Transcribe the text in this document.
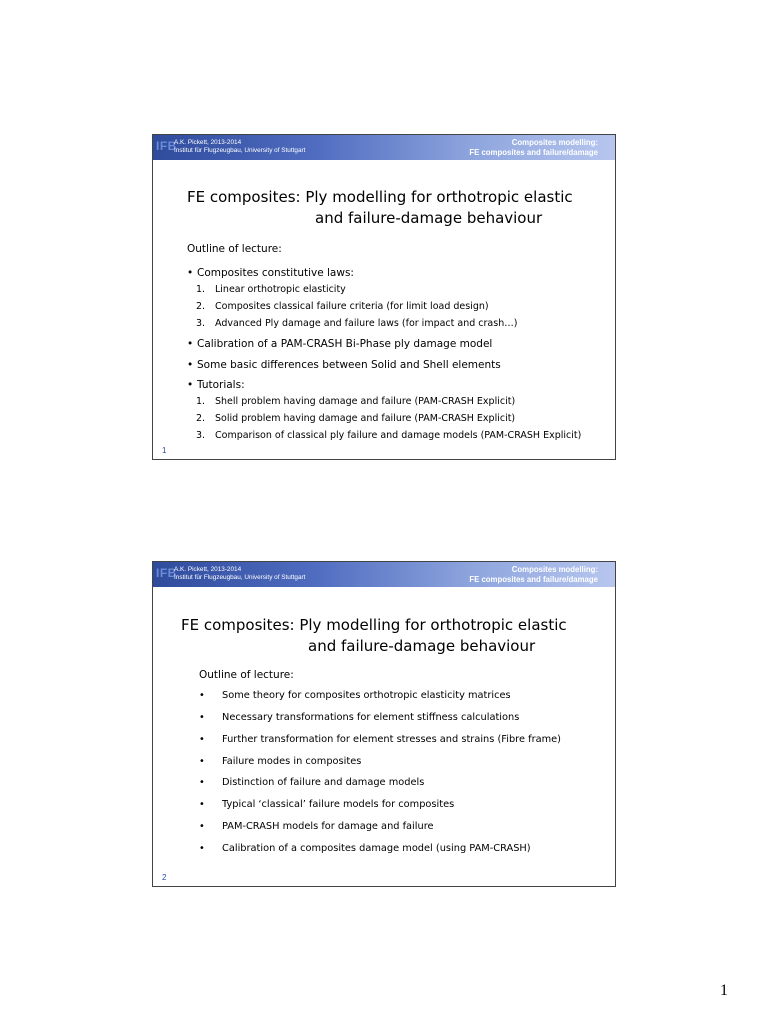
IFB
A.K. Pickett, 2013-2014
Institut für Flugzeugbau, University of Stuttgart
Composites modelling:
FE composites and failure/damage
FE composites: Ply modelling for orthotropic elastic
and failure-damage behaviour
Outline of lecture:
• Composites constitutive laws:
1. Linear orthotropic elasticity
2. Composites classical failure criteria (for limit load design)
3. Advanced Ply damage and failure laws (for impact and crash…)
• Calibration of a PAM-CRASH Bi-Phase ply damage model
• Some basic differences between Solid and Shell elements
• Tutorials:
1. Shell problem having damage and failure (PAM-CRASH Explicit)
2. Solid problem having damage and failure (PAM-CRASH Explicit)
3. Comparison of classical ply failure and damage models (PAM-CRASH Explicit)
1
IFB
A.K. Pickett, 2013-2014
Institut für Flugzeugbau, University of Stuttgart
Composites modelling:
FE composites and failure/damage
FE composites: Ply modelling for orthotropic elastic
and failure-damage behaviour
Outline of lecture:
• Some theory for composites orthotropic elasticity matrices
• Necessary transformations for element stiffness calculations
• Further transformation for element stresses and strains (Fibre frame)
• Failure modes in composites
• Distinction of failure and damage models
• Typical ‘classical’ failure models for composites
• PAM-CRASH models for damage and failure
• Calibration of a composites damage model (using PAM-CRASH)
2
1
